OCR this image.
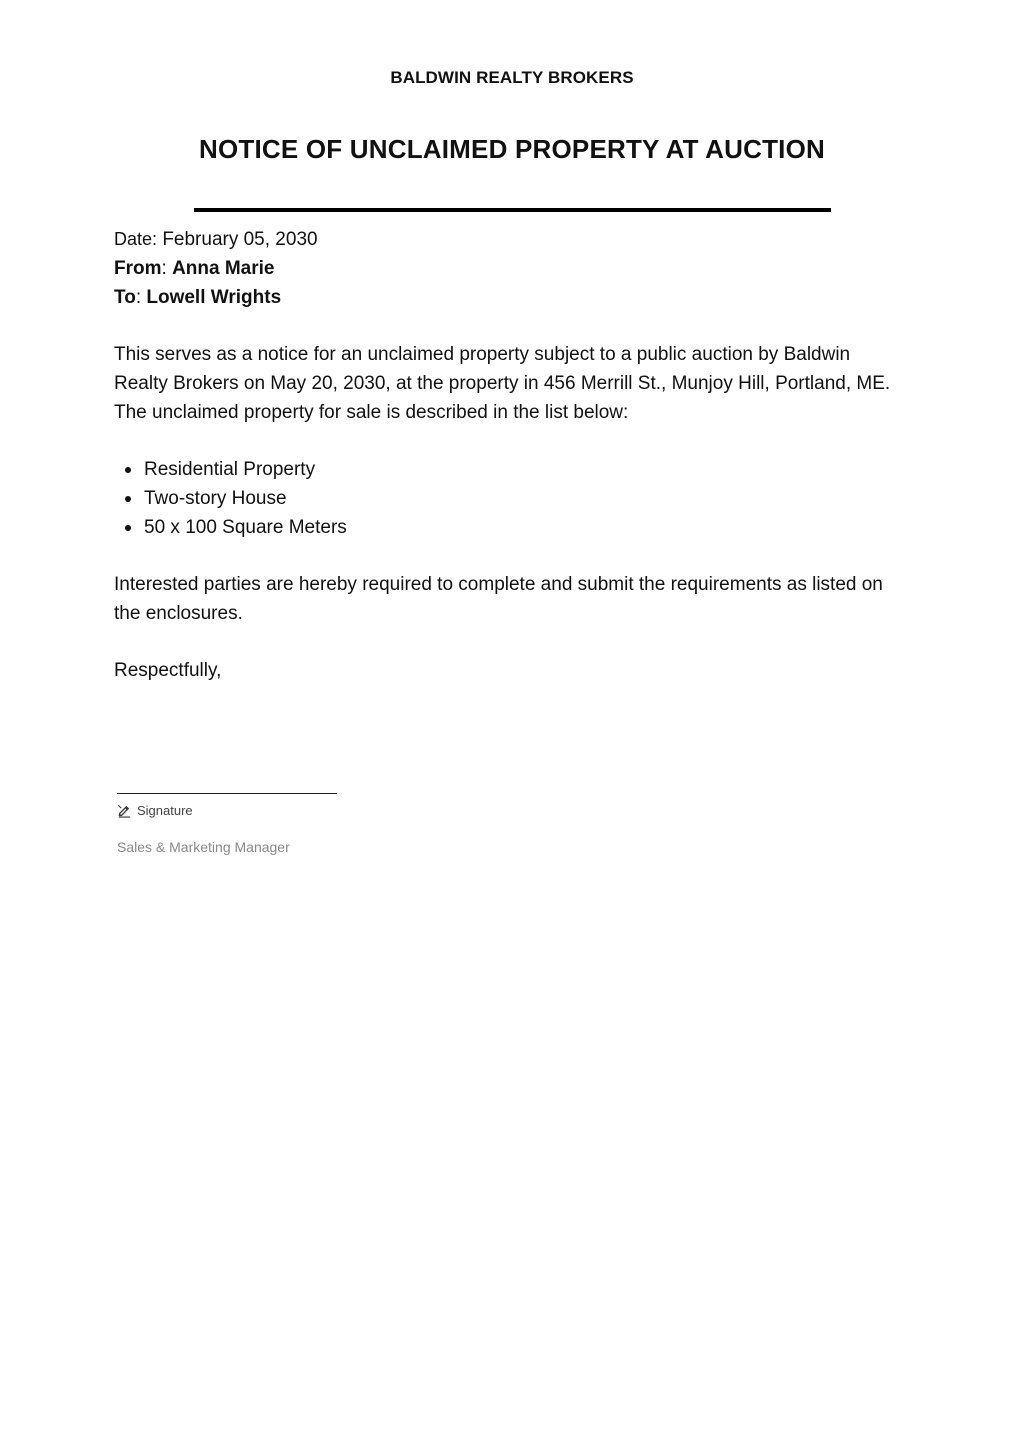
BALDWIN REALTY BROKERS
NOTICE OF UNCLAIMED PROPERTY AT AUCTION
Date: February 05, 2030
From: Anna Marie
To: Lowell Wrights

This serves as a notice for an unclaimed property subject to a public auction by Baldwin Realty Brokers on May 20, 2030, at the property in 456 Merrill St., Munjoy Hill, Portland, ME. The unclaimed property for sale is described in the list below:

Residential Property
Two-story House
50 x 100 Square Meters

Interested parties are hereby required to complete and submit the requirements as listed on the enclosures.

Respectfully,

Signature
Sales & Marketing Manager
